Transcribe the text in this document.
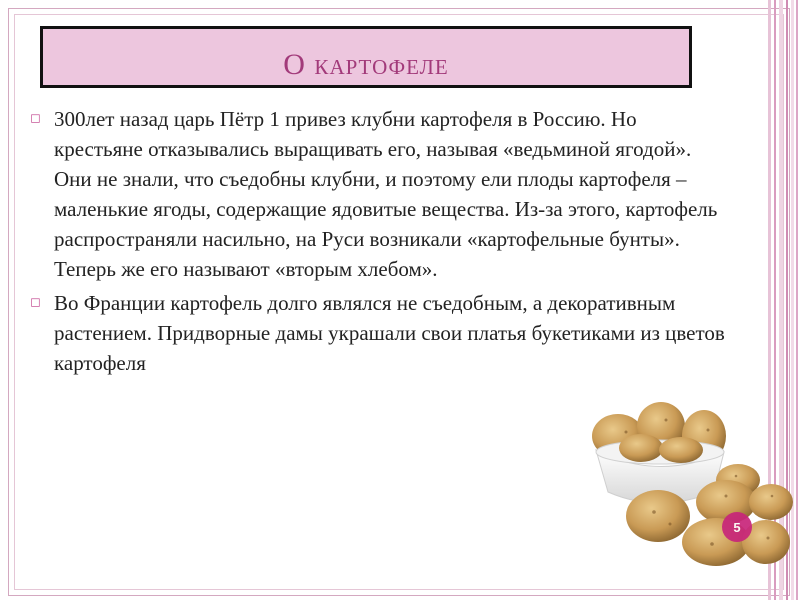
О картофеле
◻ 300лет назад царь Пётр 1 привез клубни картофеля в Россию. Но крестьяне отказывались выращивать его, называя «ведьминой ягодой». Они не знали, что съедобны клубни, и поэтому ели плоды картофеля – маленькие ягоды, содержащие ядовитые вещества. Из-за этого, картофель распространяли насильно, на Руси возникали «картофельные бунты». Теперь же его называют «вторым хлебом».
◻ Во Франции картофель долго являлся не съедобным, а декоративным растением. Придворные дамы украшали свои платья букетиками из цветов картофеля
5
